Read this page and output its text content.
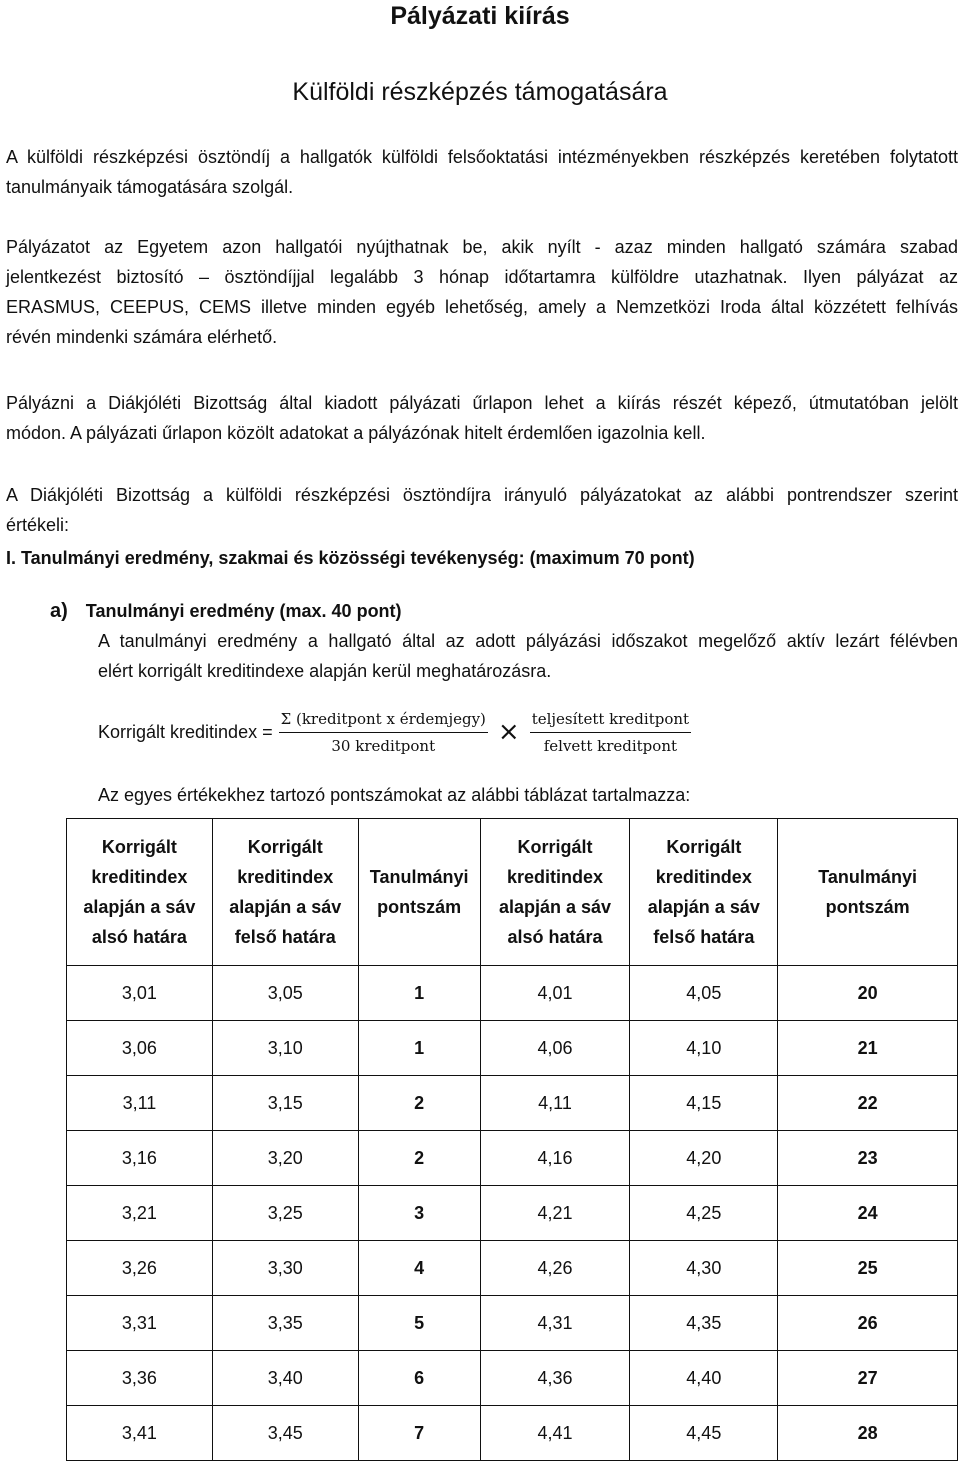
Pályázati kiírás
Külföldi részképzés támogatására

A külföldi részképzési ösztöndíj a hallgatók külföldi felsőoktatási intézményekben részképzés keretében folytatott
tanulmányaik támogatására szolgál.

Pályázatot az Egyetem azon hallgatói nyújthatnak be, akik nyílt - azaz minden hallgató számára szabad
jelentkezést biztosító – ösztöndíjjal legalább 3 hónap időtartamra külföldre utazhatnak. Ilyen pályázat az
ERASMUS, CEEPUS, CEMS illetve minden egyéb lehetőség, amely a Nemzetközi Iroda által közzétett felhívás
révén mindenki számára elérhető.

Pályázni a Diákjóléti Bizottság által kiadott pályázati űrlapon lehet a kiírás részét képező, útmutatóban jelölt
módon. A pályázati űrlapon közölt adatokat a pályázónak hitelt érdemlően igazolnia kell.

A Diákjóléti Bizottság a külföldi részképzési ösztöndíjra irányuló pályázatokat az alábbi pontrendszer szerint
értékeli:

I. Tanulmányi eredmény, szakmai és közösségi tevékenység: (maximum 70 pont)
a) Tanulmányi eredmény (max. 40 pont)

A tanulmányi eredmény a hallgató által az adott pályázási időszakot megelőző aktív lezárt félévben
elért korrigált kreditindexe alapján kerül meghatározásra.

Korrigált kreditindex = $\frac{\text{Σ (kreditpont x érdemjegy)}}{\text{30 kreditpont}} \times \frac{\text{teljesített kreditpont}}{\text{felvett kreditpont}}$
Az egyes értékekhez tartozó pontszámokat az alábbi táblázat tartalmazza:
Korrigált kreditindex alapján a sáv alsó határa	Korrigált kreditindex alapján a sáv felső határa	Tanulmányi pontszám	Korrigált kreditindex alapján a sáv alsó határa	Korrigált kreditindex alapján a sáv felső határa	Tanulmányi pontszám
3,01	3,05	1	4,01	4,05	20
3,06	3,10	1	4,06	4,10	21
3,11	3,15	2	4,11	4,15	22
3,16	3,20	2	4,16	4,20	23
3,21	3,25	3	4,21	4,25	24
3,26	3,30	4	4,26	4,30	25
3,31	3,35	5	4,31	4,35	26
3,36	3,40	6	4,36	4,40	27
3,41	3,45	7	4,41	4,45	28
